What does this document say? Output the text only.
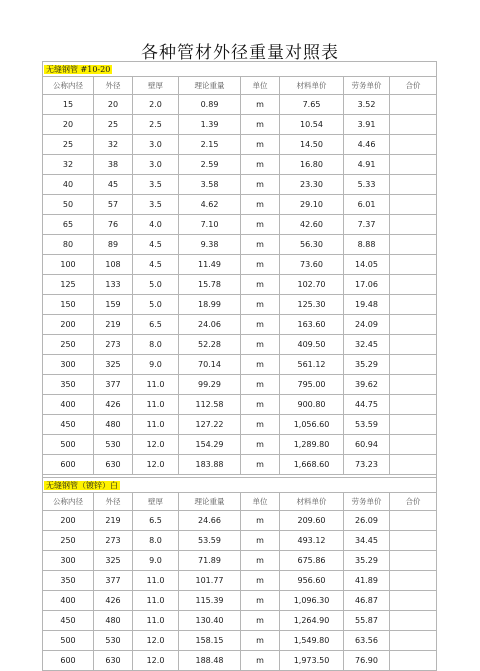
各种管材外径重量对照表
无缝钢管 #10-20							
公称内径	外径	壁厚	理论重量	单位	材料单价	劳务单价	合价
15	20	2.0	0.89	m	7.65	3.52	
20	25	2.5	1.39	m	10.54	3.91	
25	32	3.0	2.15	m	14.50	4.46	
32	38	3.0	2.59	m	16.80	4.91	
40	45	3.5	3.58	m	23.30	5.33	
50	57	3.5	4.62	m	29.10	6.01	
65	76	4.0	7.10	m	42.60	7.37	
80	89	4.5	9.38	m	56.30	8.88	
100	108	4.5	11.49	m	73.60	14.05	
125	133	5.0	15.78	m	102.70	17.06	
150	159	5.0	18.99	m	125.30	19.48	
200	219	6.5	24.06	m	163.60	24.09	
250	273	8.0	52.28	m	409.50	32.45	
300	325	9.0	70.14	m	561.12	35.29	
350	377	11.0	99.29	m	795.00	39.62	
400	426	11.0	112.58	m	900.80	44.75	
450	480	11.0	127.22	m	1,056.60	53.59	
500	530	12.0	154.29	m	1,289.80	60.94	
600	630	12.0	183.88	m	1,668.60	73.23	

无缝钢管（镀锌）白							
公称内径	外径	壁厚	理论重量	单位	材料单价	劳务单价	合价
200	219	6.5	24.66	m	209.60	26.09	
250	273	8.0	53.59	m	493.12	34.45	
300	325	9.0	71.89	m	675.86	35.29	
350	377	11.0	101.77	m	956.60	41.89	
400	426	11.0	115.39	m	1,096.30	46.87	
450	480	11.0	130.40	m	1,264.90	55.87	
500	530	12.0	158.15	m	1,549.80	63.56	
600	630	12.0	188.48	m	1,973.50	76.90	
